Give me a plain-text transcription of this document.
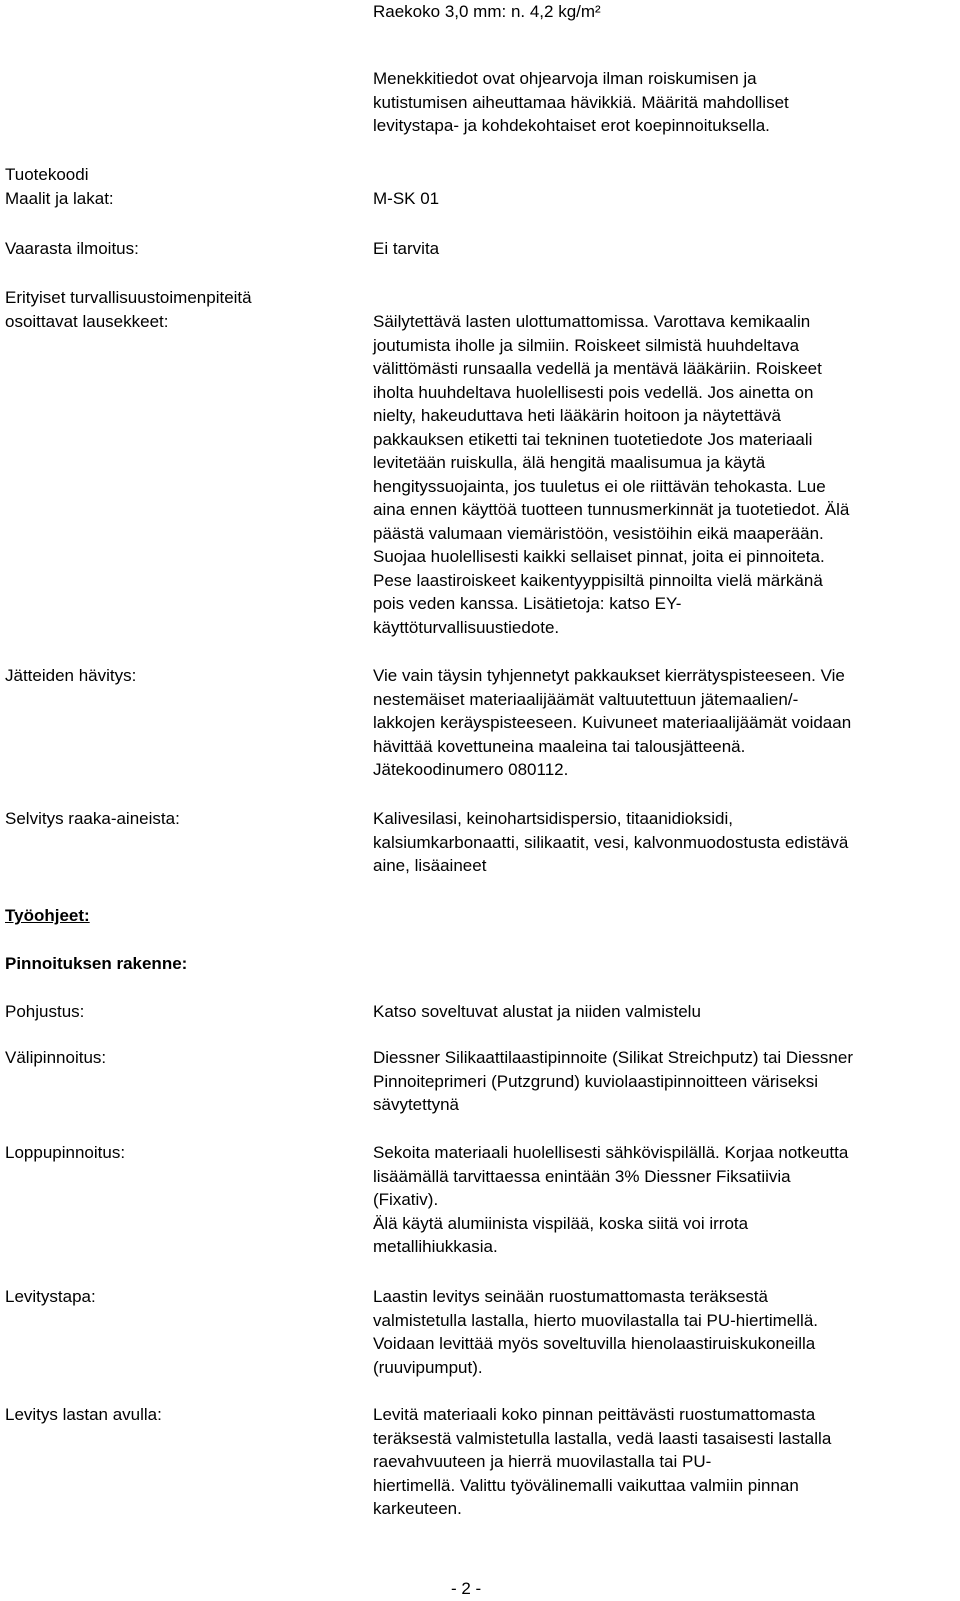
Raekoko 3,0 mm: n. 4,2 kg/m²

Menekkitiedot ovat ohjearvoja ilman roiskumisen ja
kutistumisen aiheuttamaa hävikkiä. Määritä mahdolliset
levitystapa- ja kohdekohtaiset erot koepinnoituksella.

Tuotekoodi

Maalit ja lakat:	M-SK 01

Vaarasta ilmoitus:	Ei tarvita

Erityiset turvallisuustoimenpiteitä
osoittavat lausekkeet:	Säilytettävä lasten ulottumattomissa. Varottava kemikaalin
joutumista iholle ja silmiin. Roiskeet silmistä huuhdeltava
välittömästi runsaalla vedellä ja mentävä lääkäriin. Roiskeet
iholta huuhdeltava huolellisesti pois vedellä. Jos ainetta on
nielty, hakeuduttava heti lääkärin hoitoon ja näytettävä
pakkauksen etiketti tai tekninen tuotetiedote Jos materiaali
levitetään ruiskulla, älä hengitä maalisumua ja käytä
hengityssuojainta, jos tuuletus ei ole riittävän tehokasta. Lue
aina ennen käyttöä tuotteen tunnusmerkinnät ja tuotetiedot. Älä
päästä valumaan viemäristöön, vesistöihin eikä maaperään.
Suojaa huolellisesti kaikki sellaiset pinnat, joita ei pinnoiteta.
Pese laastiroiskeet kaikentyyppisiltä pinnoilta vielä märkänä
pois veden kanssa. Lisätietoja: katso EY-
käyttöturvallisuustiedote.

Jätteiden hävitys:	Vie vain täysin tyhjennetyt pakkaukset kierrätyspisteeseen. Vie
nestemäiset materiaalijäämät valtuutettuun jätemaalien/-
lakkojen keräyspisteeseen. Kuivuneet materiaalijäämät voidaan
hävittää kovettuneina maaleina tai talousjätteenä.
Jätekoodinumero 080112.

Selvitys raaka-aineista:	Kalivesilasi, keinohartsidispersio, titaanidioksidi,
kalsiumkarbonaatti, silikaatit, vesi, kalvonmuodostusta edistävä
aine, lisäaineet

Työohjeet:

Pinnoituksen rakenne:

Pohjustus:	Katso soveltuvat alustat ja niiden valmistelu

Välipinnoitus:	Diessner Silikaattilaastipinnoite (Silikat Streichputz) tai Diessner
Pinnoiteprimeri (Putzgrund) kuviolaastipinnoitteen väriseksi
sävytettynä

Loppupinnoitus:	Sekoita materiaali huolellisesti sähkövispilällä. Korjaa notkeutta
lisäämällä tarvittaessa enintään 3% Diessner Fiksatiivia
(Fixativ).
Älä käytä alumiinista vispilää, koska siitä voi irrota
metallihiukkasia.

Levitystapa:	Laastin levitys seinään ruostumattomasta teräksestä
valmistetulla lastalla, hierto muovilastalla tai PU-hiertimellä.
Voidaan levittää myös soveltuvilla hienolaastiruiskukoneilla
(ruuvipumput).

Levitys lastan avulla:	Levitä materiaali koko pinnan peittävästi ruostumattomasta
teräksestä valmistetulla lastalla, vedä laasti tasaisesti lastalla
raevahvuuteen ja hierrä muovilastalla tai PU-
hiertimellä. Valittu työvälinemalli vaikuttaa valmiin pinnan
karkeuteen.

- 2 -
